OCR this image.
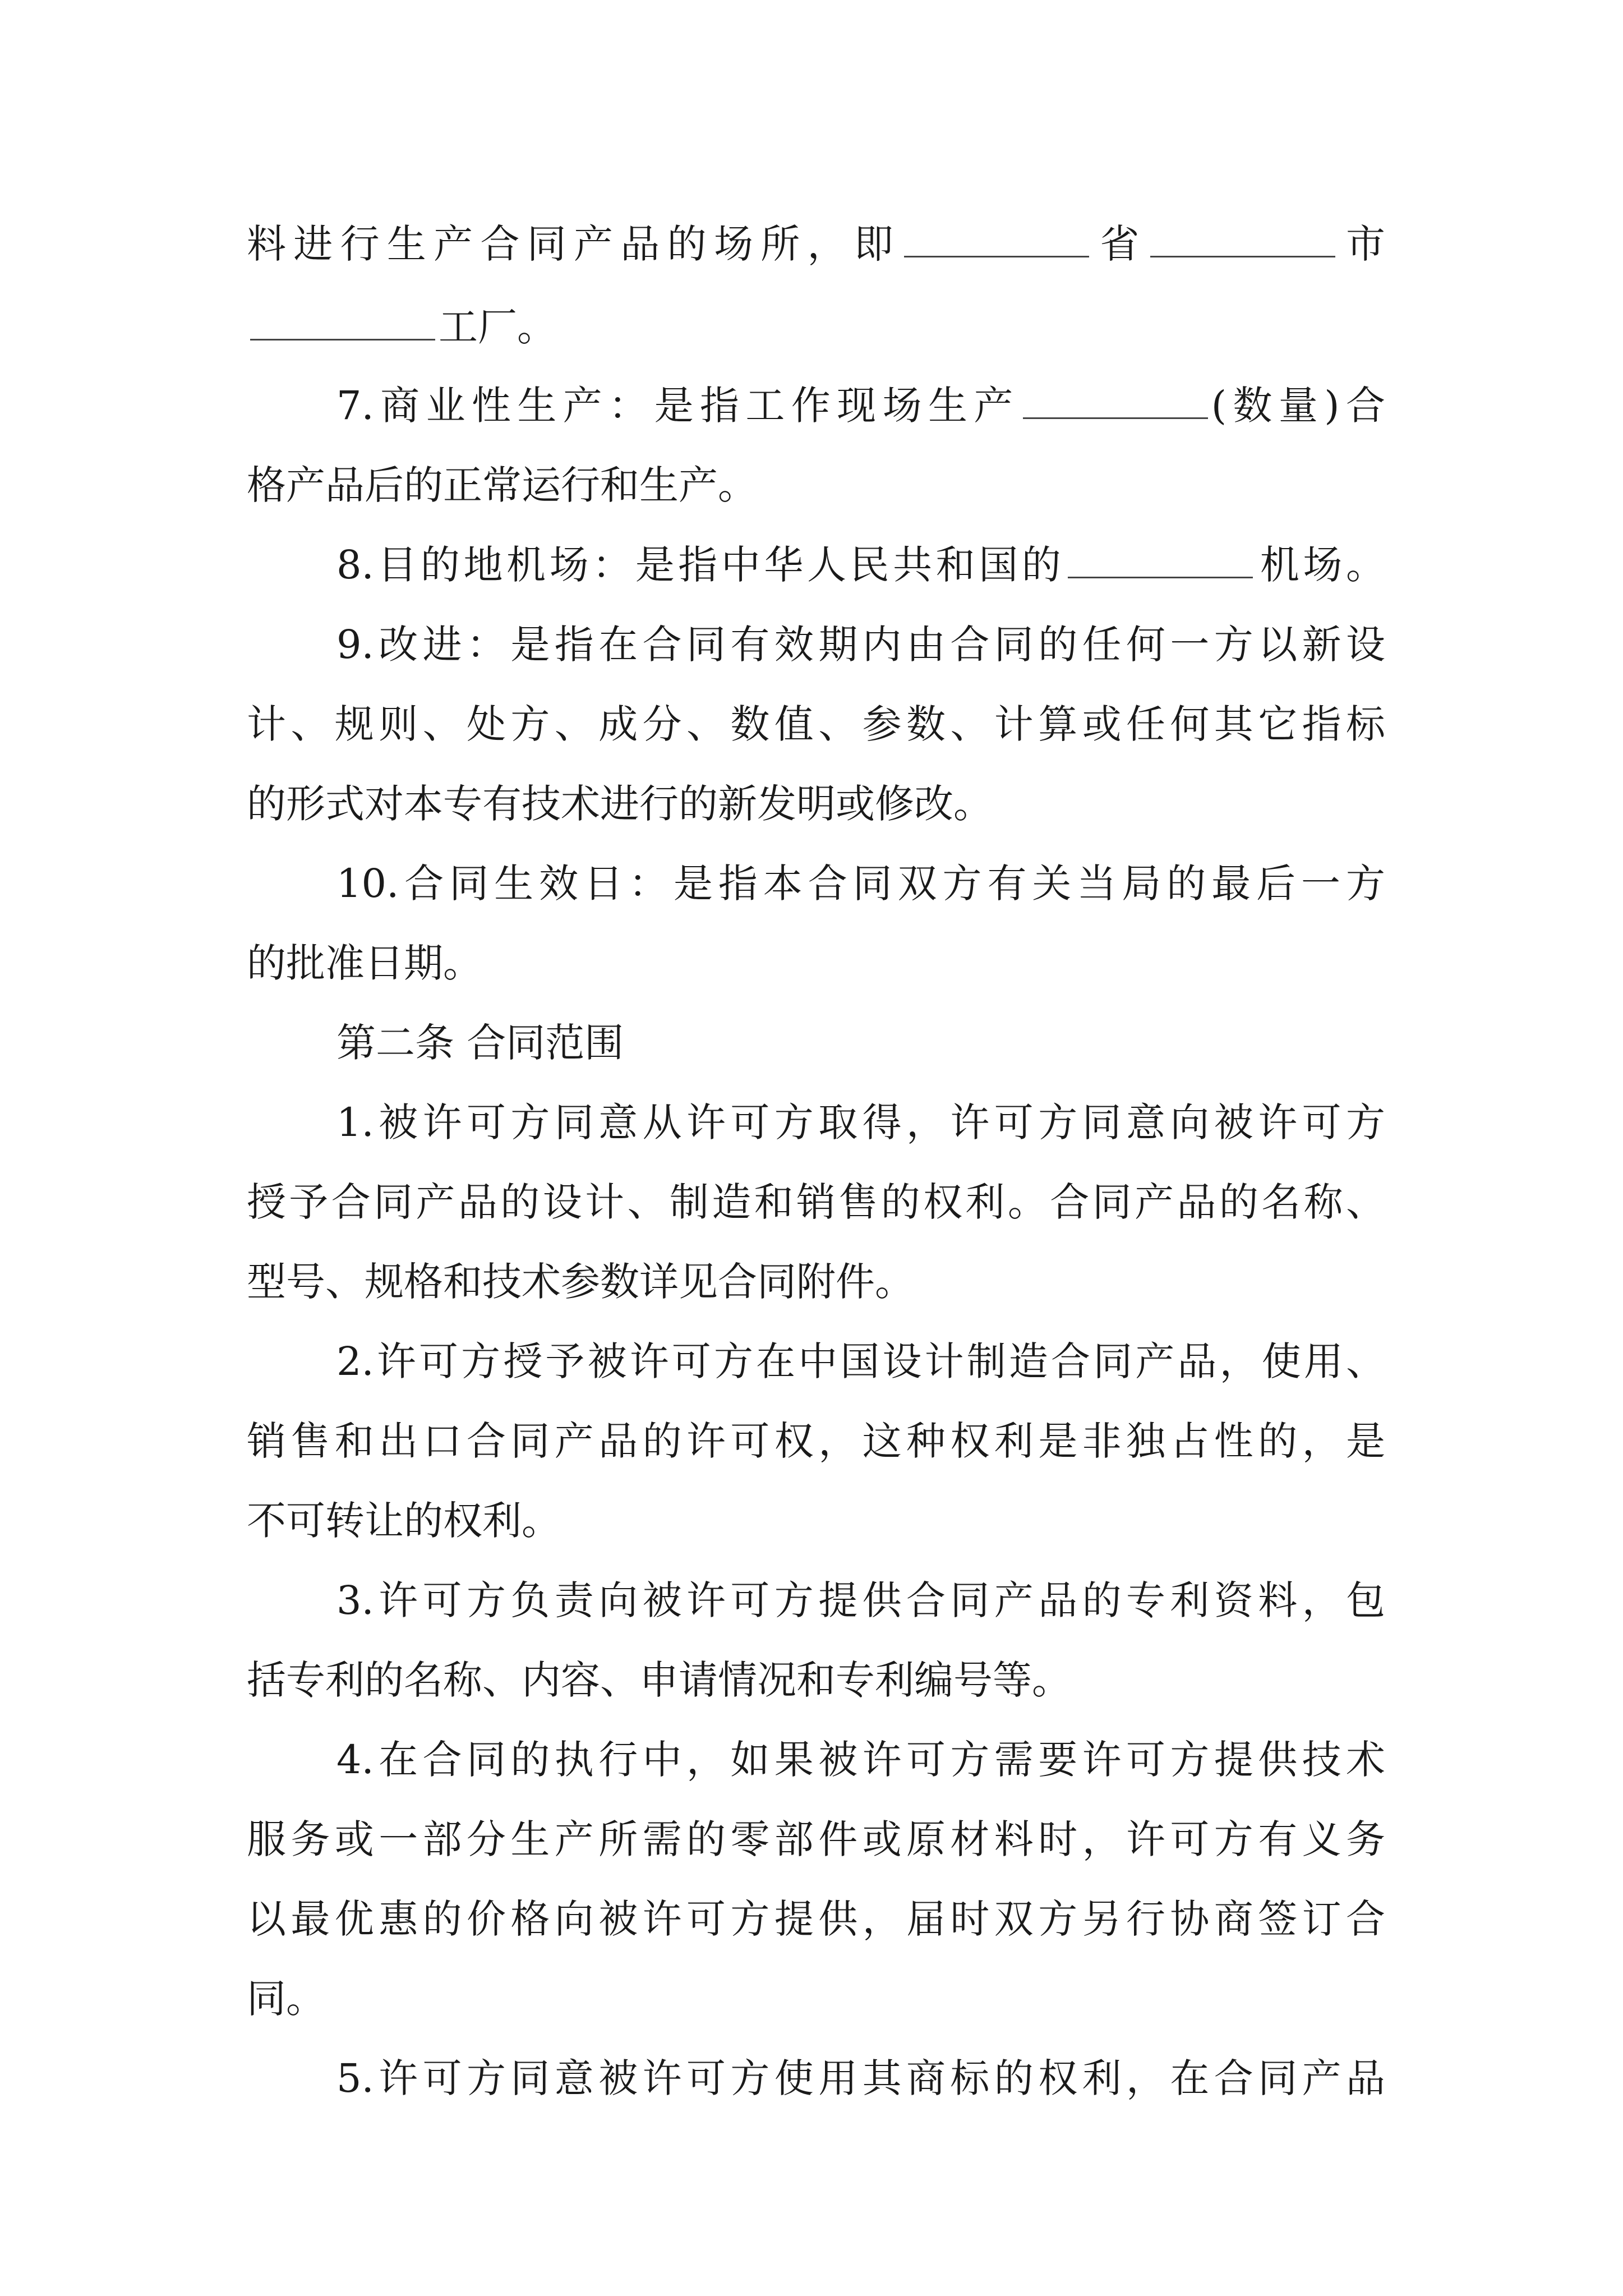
料进行生产合同产品的场所，即	省	市
工厂。
7.商业性生产：是指工作现场生产	(数量)合
格产品后的正常运行和生产。
8.目的地机场：是指中华人民共和国的	机场。
9.改进：是指在合同有效期内由合同的任何一方以新设
计、规则、处方、成分、数值、参数、计算或任何其它指标
的形式对本专有技术进行的新发明或修改。
10.合同生效日：是指本合同双方有关当局的最后一方
的批准日期。
第二条 合同范围
1.被许可方同意从许可方取得，许可方同意向被许可方
授予合同产品的设计、制造和销售的权利。合同产品的名称、
型号、规格和技术参数详见合同附件。
2.许可方授予被许可方在中国设计制造合同产品，使用、
销售和出口合同产品的许可权，这种权利是非独占性的，是
不可转让的权利。
3.许可方负责向被许可方提供合同产品的专利资料，包
括专利的名称、内容、申请情况和专利编号等。
4.在合同的执行中，如果被许可方需要许可方提供技术
服务或一部分生产所需的零部件或原材料时，许可方有义务
以最优惠的价格向被许可方提供，届时双方另行协商签订合
同。
5.许可方同意被许可方使用其商标的权利，在合同产品
